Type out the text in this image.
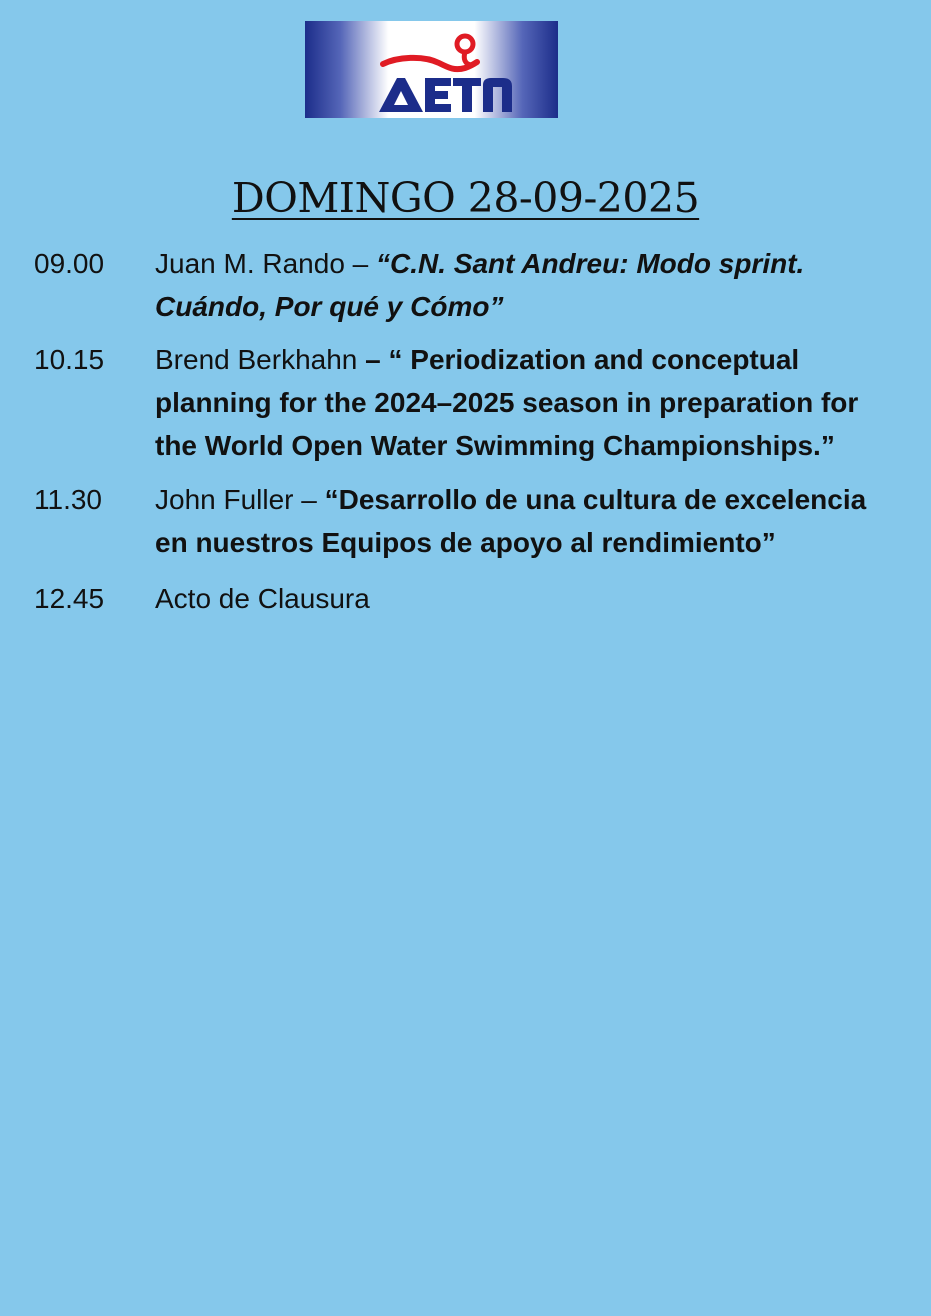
DOMINGO 28-09-2025
09.00 Juan M. Rando – “C.N. Sant Andreu: Modo sprint.
Cuándo, Por qué y Cómo”
10.15 Brend Berkhahn – “ Periodization and conceptual
planning for the 2024–2025 season in preparation for
the World Open Water Swimming Championships.”
11.30 John Fuller – “Desarrollo de una cultura de excelencia
en nuestros Equipos de apoyo al rendimiento”
12.45 Acto de Clausura
